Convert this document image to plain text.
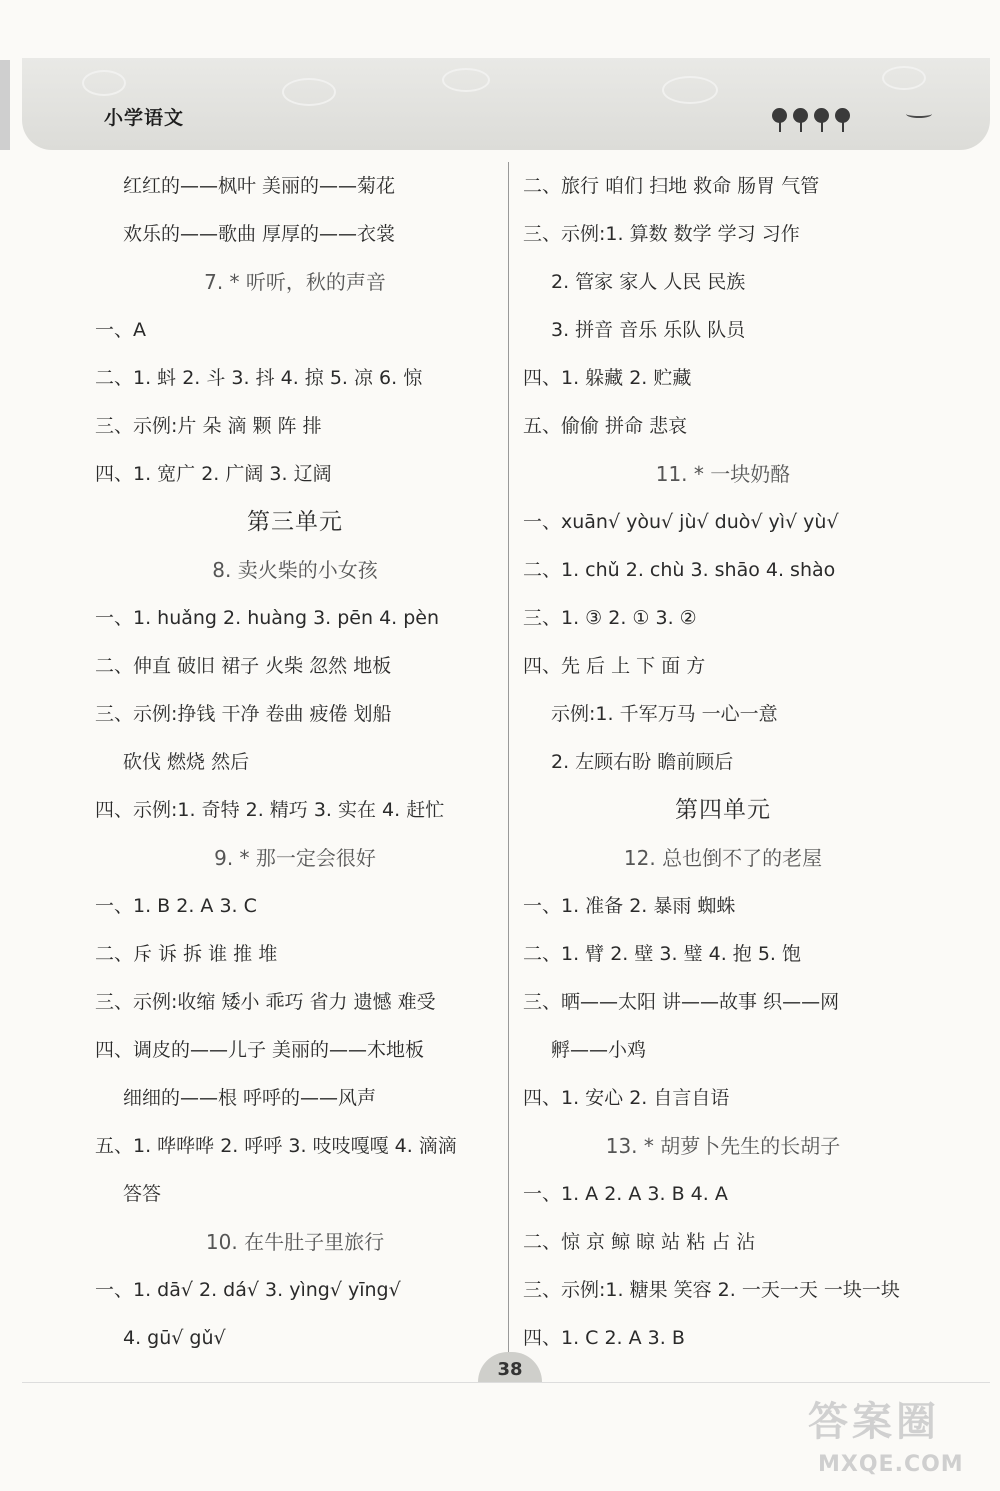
小学语文
红红的——枫叶 美丽的——菊花
欢乐的——歌曲 厚厚的——衣裳
7. * 听听，秋的声音
一、A
二、1. 蚪 2. 斗 3. 抖 4. 掠 5. 凉 6. 惊
三、示例:片 朵 滴 颗 阵 排
四、1. 宽广 2. 广阔 3. 辽阔
第三单元
8. 卖火柴的小女孩
一、1. huǎng 2. huàng 3. pēn 4. pèn
二、伸直 破旧 裙子 火柴 忽然 地板
三、示例:挣钱 干净 卷曲 疲倦 划船
砍伐 燃烧 然后
四、示例:1. 奇特 2. 精巧 3. 实在 4. 赶忙
9. * 那一定会很好
一、1. B 2. A 3. C
二、斥 诉 拆 谁 推 堆
三、示例:收缩 矮小 乖巧 省力 遗憾 难受
四、调皮的——儿子 美丽的——木地板
细细的——根 呼呼的——风声
五、1. 哗哗哗 2. 呼呼 3. 吱吱嘎嘎 4. 滴滴
答答
10. 在牛肚子里旅行
一、1. dā√ 2. dá√ 3. yìng√ yīng√
4. gū√ gǔ√
二、旅行 咱们 扫地 救命 肠胃 气管
三、示例:1. 算数 数学 学习 习作
2. 管家 家人 人民 民族
3. 拼音 音乐 乐队 队员
四、1. 躲藏 2. 贮藏
五、偷偷 拼命 悲哀
11. * 一块奶酪
一、xuān√ yòu√ jù√ duò√ yì√ yù√
二、1. chǔ 2. chù 3. shāo 4. shào
三、1. ③ 2. ① 3. ②
四、先 后 上 下 面 方
示例:1. 千军万马 一心一意
2. 左顾右盼 瞻前顾后
第四单元
12. 总也倒不了的老屋
一、1. 准备 2. 暴雨 蜘蛛
二、1. 臂 2. 壁 3. 璧 4. 抱 5. 饱
三、晒——太阳 讲——故事 织——网
孵——小鸡
四、1. 安心 2. 自言自语
13. * 胡萝卜先生的长胡子
一、1. A 2. A 3. B 4. A
二、惊 京 鲸 晾 站 粘 占 沾
三、示例:1. 糖果 笑容 2. 一天一天 一块一块
四、1. C 2. A 3. B
38
答案圈
MXQE.COM
